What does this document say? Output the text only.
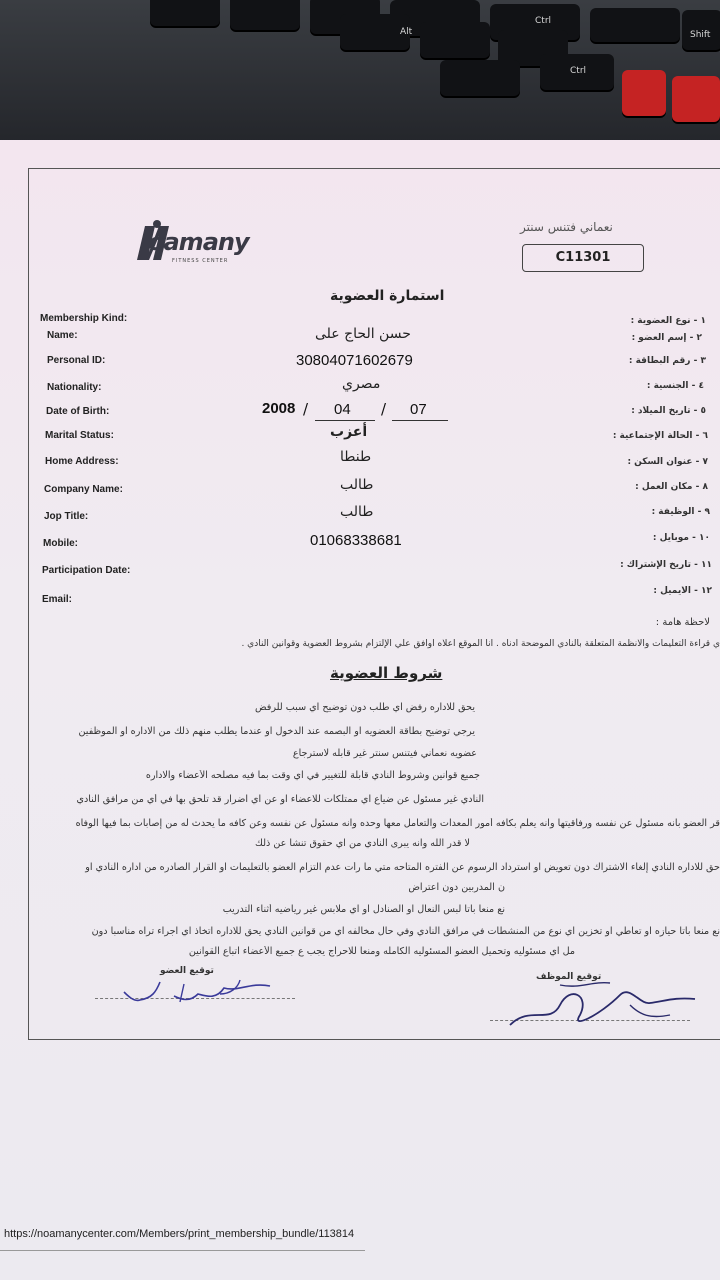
Alt
Ctrl
Ctrl
Shift
oamany
FITNESS CENTER
نعماني فتنس سنتر
C11301
استمارة العضوية
Membership Kind:
Name:
Personal ID:
Nationality:
Date of Birth:
Marital Status:
Home Address:
Company Name:
Jop Title:
Mobile:
Participation Date:
Email:
١ - نوع العضوية :
٢ - إسم العضو :
٣ - رقم البطاقة :
٤ - الجنسية :
٥ - تاريخ الميلاد :
٦ - الحالة الإجتماعية :
٧ - عنوان السكن :
٨ - مكان العمل :
٩ - الوظيفة :
١٠ - موبايل :
١١ - تاريخ الإشتراك :
١٢ - الايميل :
حسن الحاج على
30804071602679
مصري
2008 / 04 / 07
أعزب
طنطا
طالب
طالب
01068338681
لاحظة هامة :
ي قراءة التعليمات والانظمة المتعلقة بالنادي الموضحة أدناه . أنا الموقع أعلاه أوافق علي الإلتزام بشروط العضوية وقوانين النادي .
شروط العضوية
يحق للاداره رفض اي طلب دون توضيح اي سبب للرفض
يرجي توضيح بطاقة العضويه او البصمه عند الدخول او عندما يطلب منهم ذلك من الاداره او الموظفين
عضويه نعماني فيتنس سنتر غير قابله لاسترجاع
جميع قوانين وشروط النادي قابلة للتغيير في اي وقت بما فيه مصلحه الأعضاء والاداره
النادي غير مسئول عن ضياع اي ممتلكات للاعضاء او عن اي اضرار قد تلحق بها في أي من مرافق النادي
قر العضو بأنه مسئول عن نفسه ورفاقيتها وانه يعلم بكافه أمور المعدات والتعامل معها وحده وانه مسئول عن نفسه وعن كافه ما يحدث له من إصابات بما فيها الوفاه
لا قدر الله وانه يبرى النادي من اي حقوق تنشا عن ذلك
حق للاداره النادي إلغاء الاشتراك دون تعويض او استرداد الرسوم عن الفتره المتاحه متي ما رأت عدم التزام العضو بالتعليمات او القرار الصادره من اداره النادي او
ن المدربين دون اعتراض
نع منعا باتا لبس النعال او الصنادل او اي ملابس غير رياضيه أثناء التدريب
نع منعا باتا حيازه او تعاطي او تخزين اي نوع من المنشطات في مرافق النادي وفي حال مخالفه اي من قوانين النادي يحق للاداره اتخاذ اي اجراء تراه مناسبا دون
مل اي مسئوليه وتحميل العضو المسئوليه الكامله ومنعا للاحراج يجب ع جميع الأعضاء اتباع القوانين
توقيع العضو
توقيع الموظف
https://noamanycenter.com/Members/print_membership_bundle/113814
